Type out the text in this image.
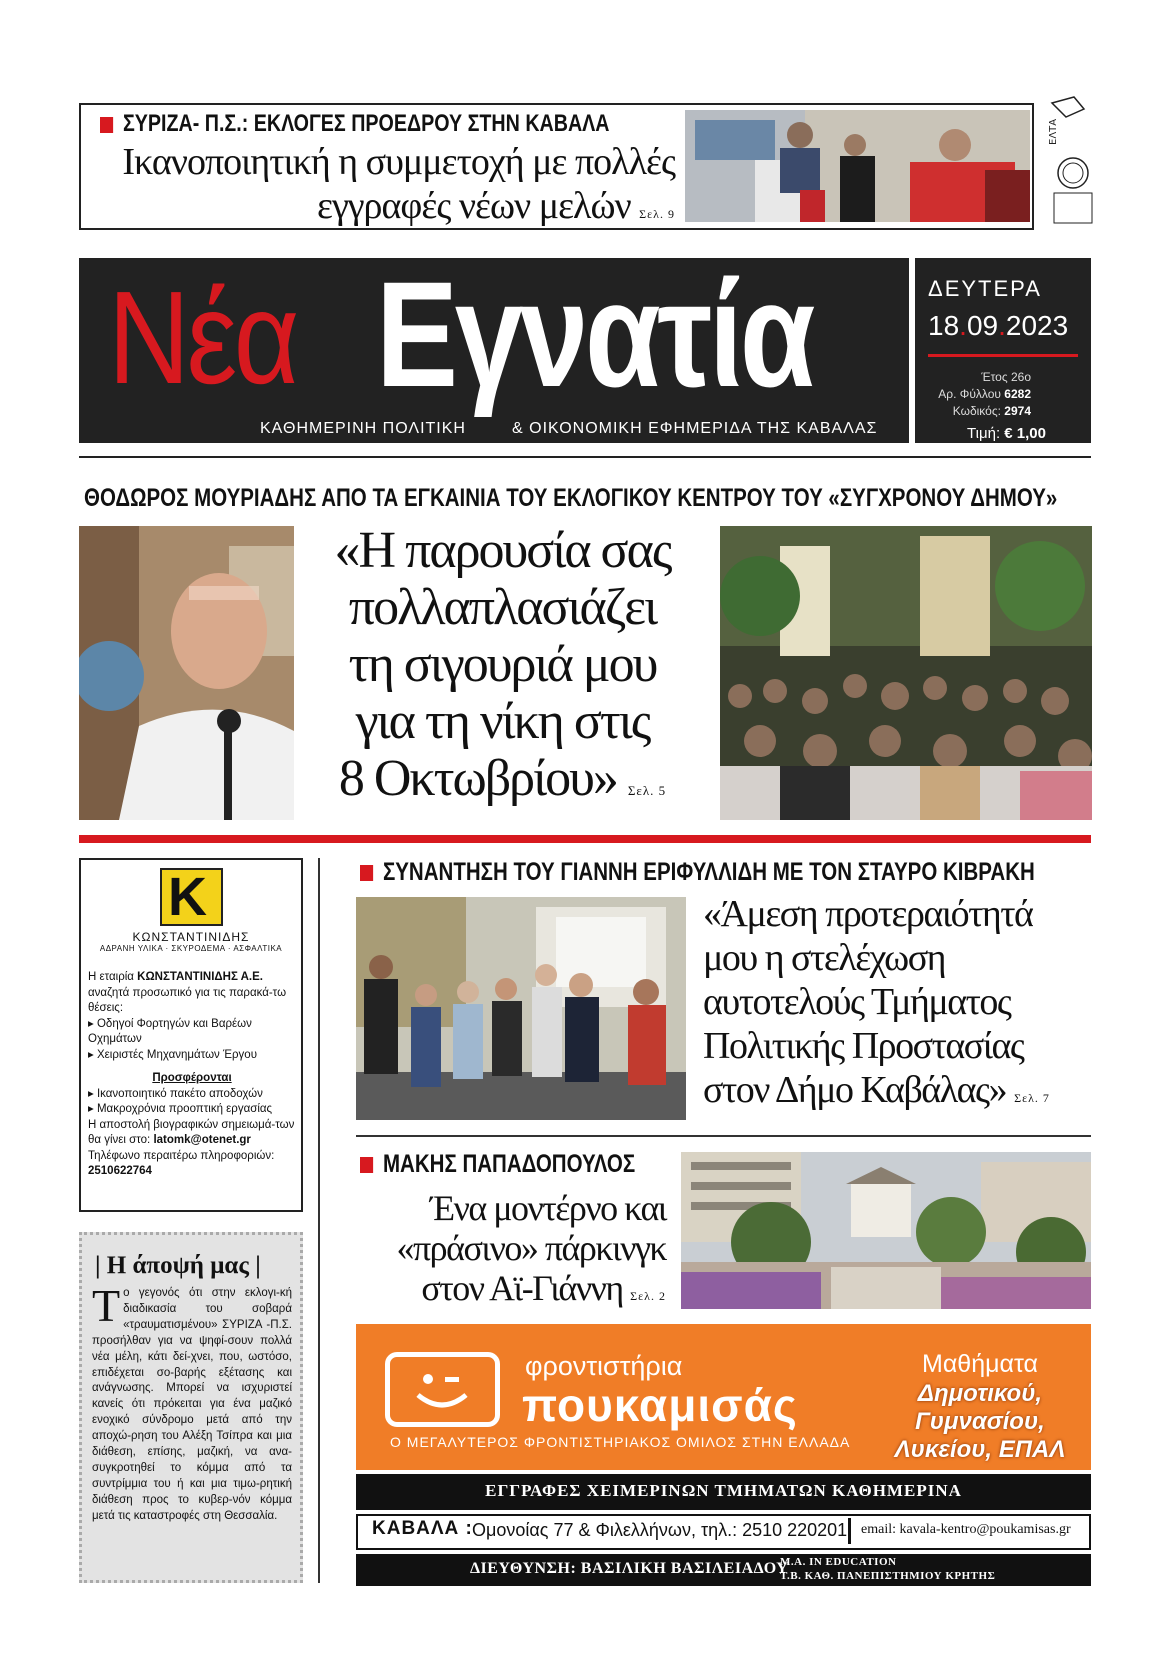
ΣΥΡΙΖΑ- Π.Σ.: ΕΚΛΟΓΕΣ ΠΡΟΕΔΡΟΥ ΣΤΗΝ ΚΑΒΑΛΑ
Ικανοποιητική η συμμετοχή με πολλές
εγγραφές νέων μελών Σελ. 9
ΕΛΤΑ
Νέα Εγνατία
ΚΑΘΗΜΕΡΙΝΗ ΠΟΛΙΤΙΚΗ	& ΟΙΚΟΝΟΜΙΚΗ ΕΦΗΜΕΡΙΔΑ ΤΗΣ ΚΑΒΑΛΑΣ
ΔΕΥΤΕΡΑ
18.09.2023
Έτος 26ο
Αρ. Φύλλου 6282
Κωδικός: 2974
Τιμή: € 1,00
ΘΟΔΩΡΟΣ ΜΟΥΡΙΑΔΗΣ ΑΠΟ ΤΑ ΕΓΚΑΙΝΙΑ ΤΟΥ ΕΚΛΟΓΙΚΟΥ ΚΕΝΤΡΟΥ ΤΟΥ «ΣΥΓΧΡΟΝΟΥ ΔΗΜΟΥ»
«Η παρουσία σας
πολλαπλασιάζει
τη σιγουριά μου
για τη νίκη στις
8 Οκτωβρίου» Σελ. 5
K
ΚΩΝΣΤΑΝΤΙΝΙΔΗΣ
ΑΔΡΑΝΗ ΥΛΙΚΑ · ΣΚΥΡΟΔΕΜΑ · ΑΣΦΑΛΤΙΚΑ
Η εταιρία ΚΩΝΣΤΑΝΤΙΝΙΔΗΣ Α.Ε. αναζητά προσωπικό για τις παρακά-τω θέσεις:
▸ Οδηγοί Φορτηγών και Βαρέων Οχημάτων
▸ Χειριστές Μηχανημάτων Έργου
Προσφέρονται
▸ Ικανοποιητικό πακέτο αποδοχών
▸ Μακροχρόνια προοπτική εργασίας
Η αποστολή βιογραφικών σημειωμά-των θα γίνει στο: latomk@otenet.gr
Τηλέφωνο περαιτέρω πληροφοριών:
2510622764
| Η άποψή μας |
Το γεγονός ότι στην εκλογι-κή διαδικασία του σοβαρά «τραυματισμένου» ΣΥΡΙΖΑ -Π.Σ. προσήλθαν για να ψηφί-σουν πολλά νέα μέλη, κάτι δεί-χνει, που, ωστόσο, επιδέχεται σο-βαρής εξέτασης και ανάγνωσης. Μπορεί να ισχυριστεί κανείς ότι πρόκειται για ένα μαζικό ενοχικό σύνδρομο μετά από την αποχώ-ρηση του Αλέξη Τσίπρα και μια διάθεση, επίσης, μαζική, να ανα-συγκροτηθεί το κόμμα από τα συντρίμμια του ή και μια τιμω-ρητική διάθεση προς το κυβερ-νόν κόμμα μετά τις καταστροφές στη Θεσσαλία.
ΣΥΝΑΝΤΗΣΗ ΤΟΥ ΓΙΑΝΝΗ ΕΡΙΦΥΛΛΙΔΗ ΜΕ ΤΟΝ ΣΤΑΥΡΟ ΚΙΒΡΑΚΗ
«Άμεση προτεραιότητά
μου η στελέχωση
αυτοτελούς Τμήματος
Πολιτικής Προστασίας
στον Δήμο Καβάλας» Σελ. 7
ΜΑΚΗΣ ΠΑΠΑΔΟΠΟΥΛΟΣ
Ένα μοντέρνο και
«πράσινο» πάρκινγκ
στον Αϊ-Γιάννη Σελ. 2
φροντιστήρια
πουκαμισάς
Ο ΜΕΓΑΛΥΤΕΡΟΣ ΦΡΟΝΤΙΣΤΗΡΙΑΚΟΣ ΟΜΙΛΟΣ ΣΤΗΝ ΕΛΛΑΔΑ
Μαθήματα
Δημοτικού,
Γυμνασίου,
Λυκείου, ΕΠΑΛ
ΕΓΓΡΑΦΕΣ ΧΕΙΜΕΡΙΝΩΝ ΤΜΗΜΑΤΩΝ ΚΑΘΗΜΕΡΙΝΑ
ΚΑΒΑΛΑ : Ομονοίας 77 & Φιλελλήνων, τηλ.: 2510 220201 email: kavala-kentro@poukamisas.gr
ΔΙΕΥΘΥΝΣΗ: ΒΑΣΙΛΙΚΗ ΒΑΣΙΛΕΙΑΔΟΥ
M.A. IN EDUCATION
Τ.Β. ΚΑΘ. ΠΑΝΕΠΙΣΤΗΜΙΟΥ ΚΡΗΤΗΣ
